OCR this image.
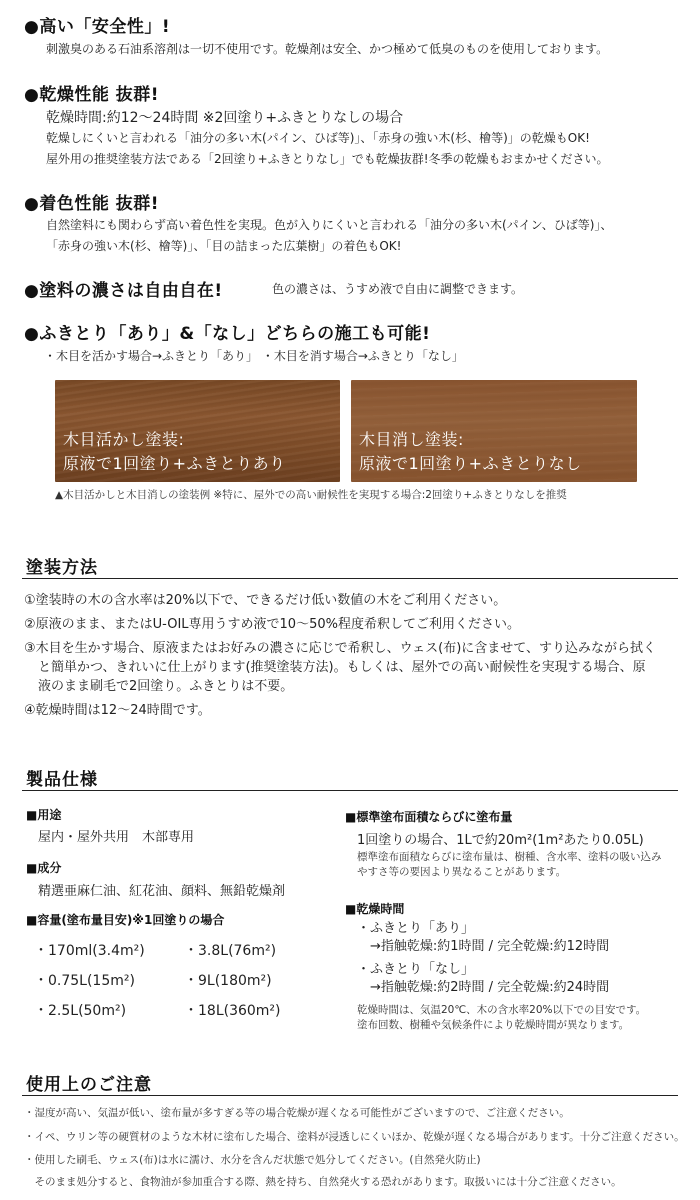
●高い「安全性」!
刺激臭のある石油系溶剤は一切不使用です。乾燥剤は安全、かつ極めて低臭のものを使用しております。
●乾燥性能 抜群!
乾燥時間:約12〜24時間 ※2回塗り+ふきとりなしの場合
乾燥しにくいと言われる「油分の多い木(パイン、ひば等)」、「赤身の強い木(杉、檜等)」の乾燥もOK!
屋外用の推奨塗装方法である「2回塗り+ふきとりなし」でも乾燥抜群!冬季の乾燥もおまかせください。
●着色性能 抜群!
自然塗料にも関わらず高い着色性を実現。色が入りにくいと言われる「油分の多い木(パイン、ひば等)」、
「赤身の強い木(杉、檜等)」、「目の詰まった広葉樹」の着色もOK!
●塗料の濃さは自由自在!	色の濃さは、うすめ液で自由に調整できます。
●ふきとり「あり」&「なし」どちらの施工も可能!
・木目を活かす場合→ふきとり「あり」 ・木目を消す場合→ふきとり「なし」
木目活かし塗装:
原液で1回塗り+ふきとりあり
木目消し塗装:
原液で1回塗り+ふきとりなし
▲木目活かしと木目消しの塗装例 ※特に、屋外での高い耐候性を実現する場合:2回塗り+ふきとりなしを推奨
塗装方法
①塗装時の木の含水率は20%以下で、できるだけ低い数値の木をご利用ください。
②原液のまま、またはU-OIL専用うすめ液で10〜50%程度希釈してご利用ください。
③木目を生かす場合、原液またはお好みの濃さに応じで希釈し、ウェス(布)に含ませて、すり込みながら拭く
と簡単かつ、きれいに仕上がります(推奨塗装方法)。もしくは、屋外での高い耐候性を実現する場合、原
液のまま刷毛で2回塗り。ふきとりは不要。
④乾燥時間は12〜24時間です。
製品仕様
■用途
屋内・屋外共用　木部専用
■成分
精選亜麻仁油、紅花油、顔料、無鉛乾燥剤
■容量(塗布量目安)※1回塗りの場合
・170ml(3.4m²)
・0.75L(15m²)
・2.5L(50m²)
・3.8L(76m²)
・9L(180m²)
・18L(360m²)
■標準塗布面積ならびに塗布量
1回塗りの場合、1Lで約20m²(1m²あたり0.05L)
標準塗布面積ならびに塗布量は、樹種、含水率、塗料の吸い込み
やすさ等の要因より異なることがあります。
■乾燥時間
・ふきとり「あり」
→指触乾燥:約1時間 / 完全乾燥:約12時間
・ふきとり「なし」
→指触乾燥:約2時間 / 完全乾燥:約24時間
乾燥時間は、気温20℃、木の含水率20%以下での目安です。
塗布回数、樹種や気候条件により乾燥時間が異なります。
使用上のご注意
・湿度が高い、気温が低い、塗布量が多すぎる等の場合乾燥が遅くなる可能性がございますので、ご注意ください。
・イペ、ウリン等の硬質材のような木材に塗布した場合、塗料が浸透しにくいほか、乾燥が遅くなる場合があります。十分ご注意ください。
・使用した刷毛、ウェス(布)は水に濡け、水分を含んだ状態で処分してください。(自然発火防止)
　そのまま処分すると、食物油が参加重合する際、熱を持ち、自然発火する恐れがあります。取扱いには十分ご注意ください。
